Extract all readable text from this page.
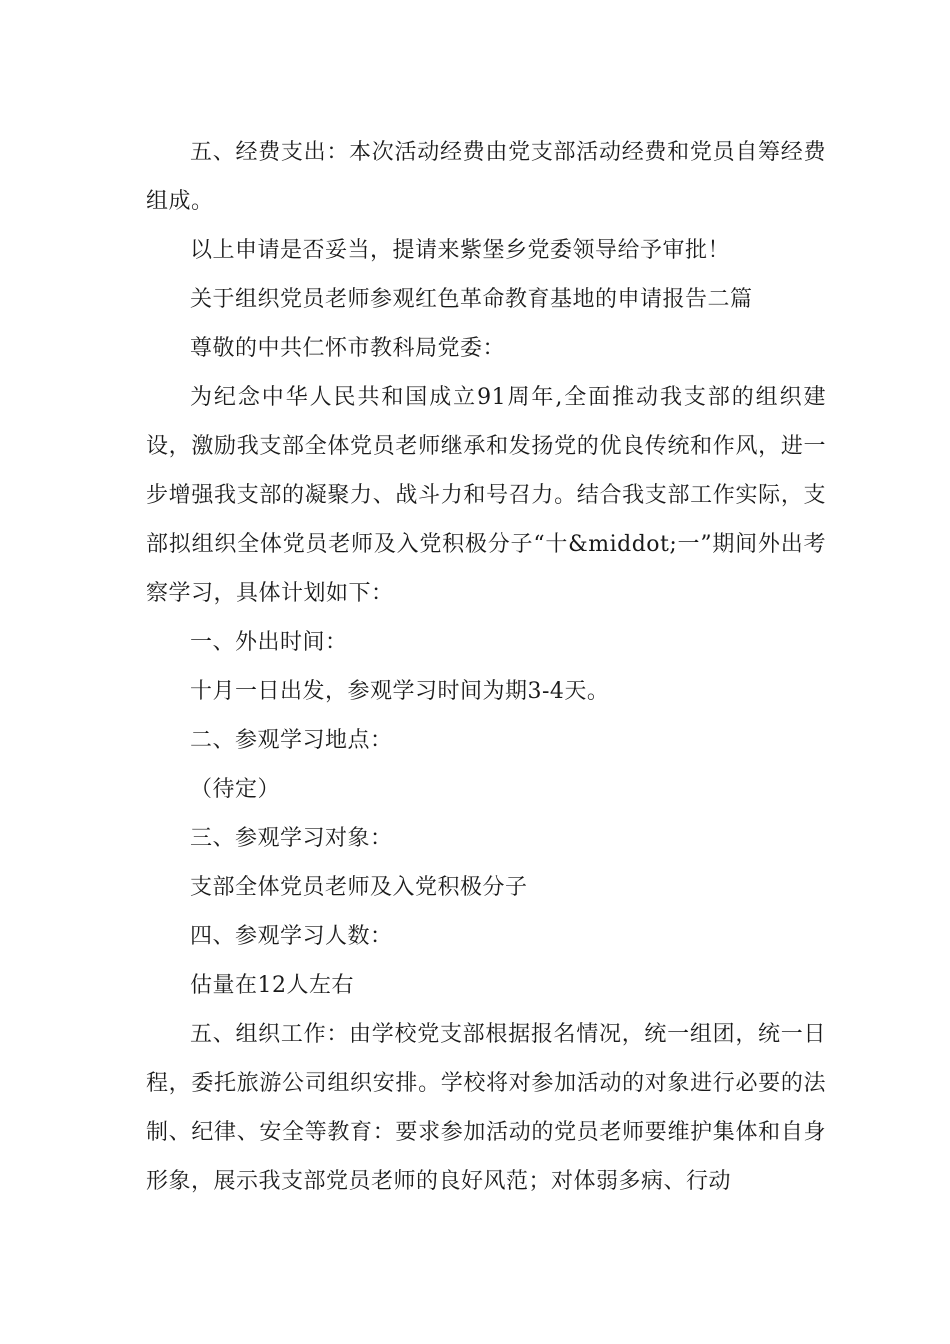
五、经费支出：本次活动经费由党支部活动经费和党员自筹经费组成。

以上申请是否妥当，提请来紫堡乡党委领导给予审批！

关于组织党员老师参观红色革命教育基地的申请报告二篇

尊敬的中共仁怀市教科局党委：

为纪念中华人民共和国成立91周年,全面推动我支部的组织建设，激励我支部全体党员老师继承和发扬党的优良传统和作风，进一步增强我支部的凝聚力、战斗力和号召力。结合我支部工作实际，支部拟组织全体党员老师及入党积极分子“十&middot;一”期间外出考察学习，具体计划如下：

一、外出时间：

十月一日出发，参观学习时间为期3-4天。

二、参观学习地点：

（待定）

三、参观学习对象：

支部全体党员老师及入党积极分子

四、参观学习人数：

估量在12人左右

五、组织工作：由学校党支部根据报名情况，统一组团，统一日程，委托旅游公司组织安排。学校将对参加活动的对象进行必要的法制、纪律、安全等教育：要求参加活动的党员老师要维护集体和自身形象，展示我支部党员老师的良好风范；对体弱多病、行动
